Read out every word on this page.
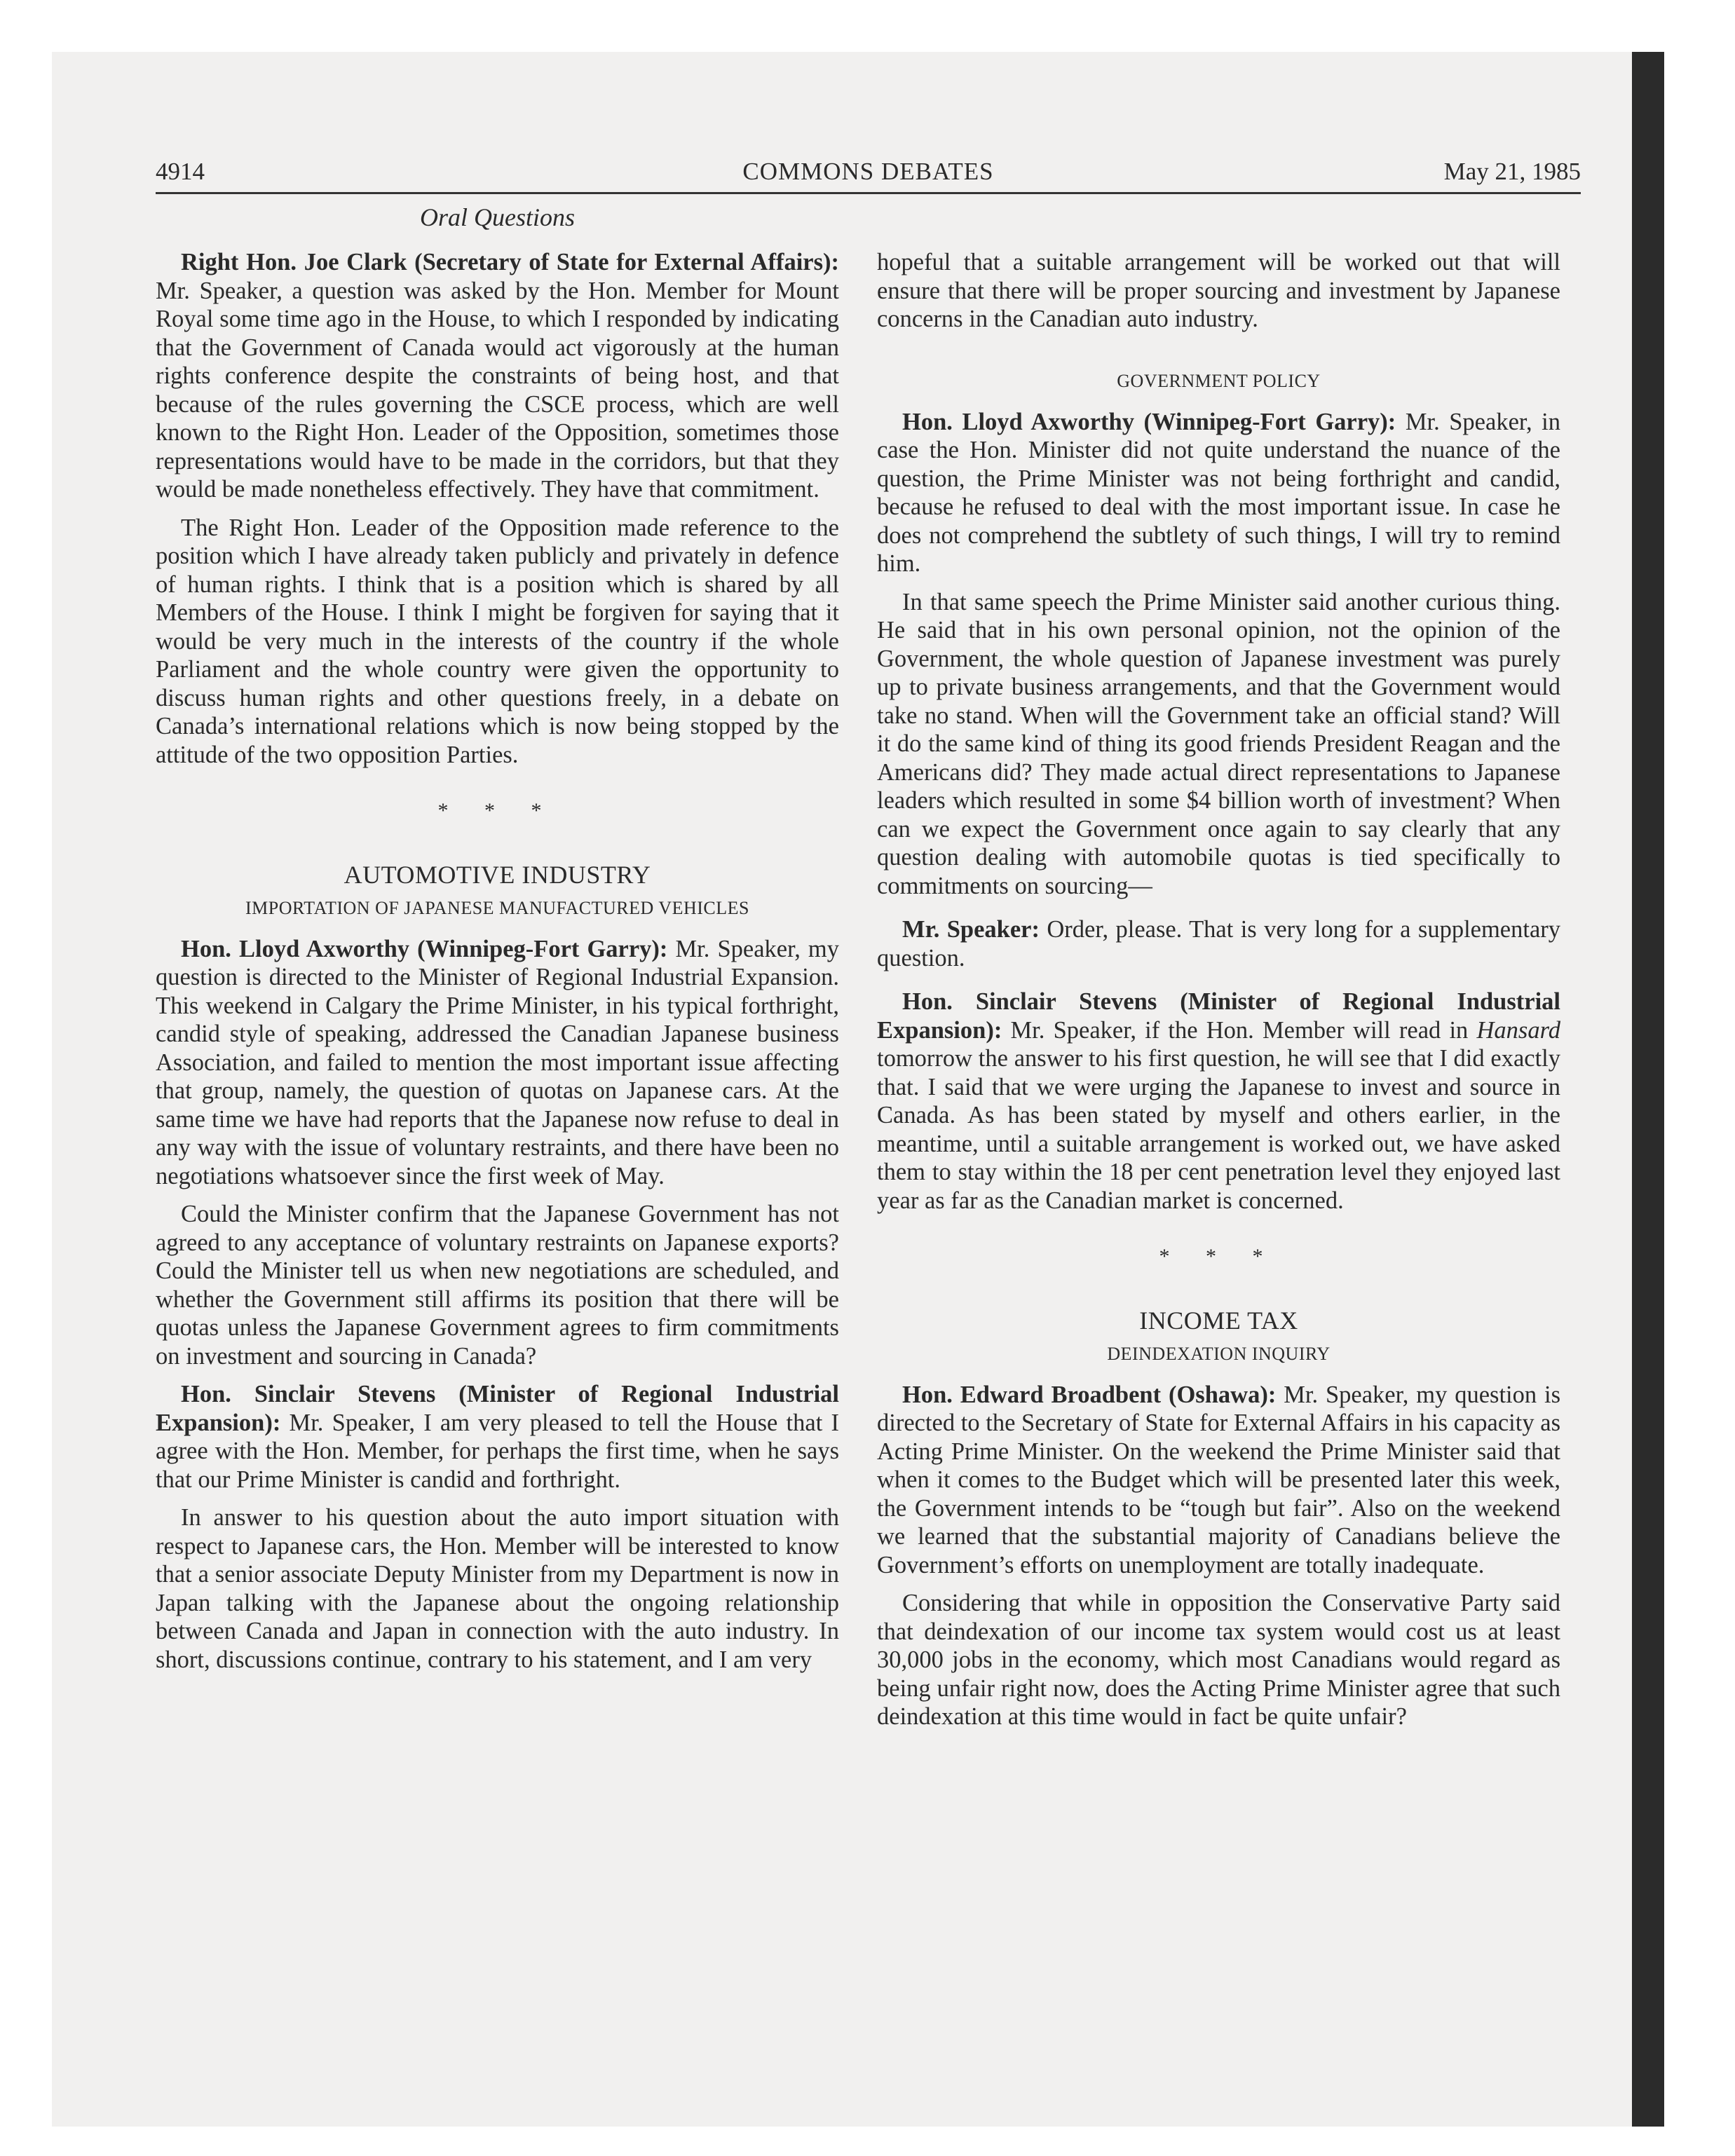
4914	COMMONS DEBATES	May 21, 1985
Oral Questions

Right Hon. Joe Clark (Secretary of State for External Affairs): Mr. Speaker, a question was asked by the Hon. Member for Mount Royal some time ago in the House, to which I responded by indicating that the Government of Canada would act vigorously at the human rights conference despite the constraints of being host, and that because of the rules governing the CSCE process, which are well known to the Right Hon. Leader of the Opposition, sometimes those representations would have to be made in the corridors, but that they would be made nonetheless effectively. They have that commitment.

The Right Hon. Leader of the Opposition made reference to the position which I have already taken publicly and privately in defence of human rights. I think that is a position which is shared by all Members of the House. I think I might be forgiven for saying that it would be very much in the interests of the country if the whole Parliament and the whole country were given the opportunity to discuss human rights and other questions freely, in a debate on Canada’s international relations which is now being stopped by the attitude of the two opposition Parties.

* * *
AUTOMOTIVE INDUSTRY
IMPORTATION OF JAPANESE MANUFACTURED VEHICLES

Hon. Lloyd Axworthy (Winnipeg-Fort Garry): Mr. Speaker, my question is directed to the Minister of Regional Industrial Expansion. This weekend in Calgary the Prime Minister, in his typical forthright, candid style of speaking, addressed the Canadian Japanese business Association, and failed to mention the most important issue affecting that group, namely, the question of quotas on Japanese cars. At the same time we have had reports that the Japanese now refuse to deal in any way with the issue of voluntary restraints, and there have been no negotiations whatsoever since the first week of May.

Could the Minister confirm that the Japanese Government has not agreed to any acceptance of voluntary restraints on Japanese exports? Could the Minister tell us when new negotiations are scheduled, and whether the Government still affirms its position that there will be quotas unless the Japanese Government agrees to firm commitments on investment and sourcing in Canada?

Hon. Sinclair Stevens (Minister of Regional Industrial Expansion): Mr. Speaker, I am very pleased to tell the House that I agree with the Hon. Member, for perhaps the first time, when he says that our Prime Minister is candid and forthright.

In answer to his question about the auto import situation with respect to Japanese cars, the Hon. Member will be interested to know that a senior associate Deputy Minister from my Department is now in Japan talking with the Japanese about the ongoing relationship between Canada and Japan in connection with the auto industry. In short, discussions continue, contrary to his statement, and I am very

hopeful that a suitable arrangement will be worked out that will ensure that there will be proper sourcing and investment by Japanese concerns in the Canadian auto industry.

GOVERNMENT POLICY

Hon. Lloyd Axworthy (Winnipeg-Fort Garry): Mr. Speaker, in case the Hon. Minister did not quite understand the nuance of the question, the Prime Minister was not being forthright and candid, because he refused to deal with the most important issue. In case he does not comprehend the subtlety of such things, I will try to remind him.

In that same speech the Prime Minister said another curious thing. He said that in his own personal opinion, not the opinion of the Government, the whole question of Japanese investment was purely up to private business arrangements, and that the Government would take no stand. When will the Government take an official stand? Will it do the same kind of thing its good friends President Reagan and the Americans did? They made actual direct representations to Japanese leaders which resulted in some $4 billion worth of investment? When can we expect the Government once again to say clearly that any question dealing with automobile quotas is tied specifically to commitments on sourcing—

Mr. Speaker: Order, please. That is very long for a supplementary question.

Hon. Sinclair Stevens (Minister of Regional Industrial Expansion): Mr. Speaker, if the Hon. Member will read in Hansard tomorrow the answer to his first question, he will see that I did exactly that. I said that we were urging the Japanese to invest and source in Canada. As has been stated by myself and others earlier, in the meantime, until a suitable arrangement is worked out, we have asked them to stay within the 18 per cent penetration level they enjoyed last year as far as the Canadian market is concerned.

* * *
INCOME TAX
DEINDEXATION INQUIRY

Hon. Edward Broadbent (Oshawa): Mr. Speaker, my question is directed to the Secretary of State for External Affairs in his capacity as Acting Prime Minister. On the weekend the Prime Minister said that when it comes to the Budget which will be presented later this week, the Government intends to be “tough but fair”. Also on the weekend we learned that the substantial majority of Canadians believe the Government’s efforts on unemployment are totally inadequate.

Considering that while in opposition the Conservative Party said that deindexation of our income tax system would cost us at least 30,000 jobs in the economy, which most Canadians would regard as being unfair right now, does the Acting Prime Minister agree that such deindexation at this time would in fact be quite unfair?
